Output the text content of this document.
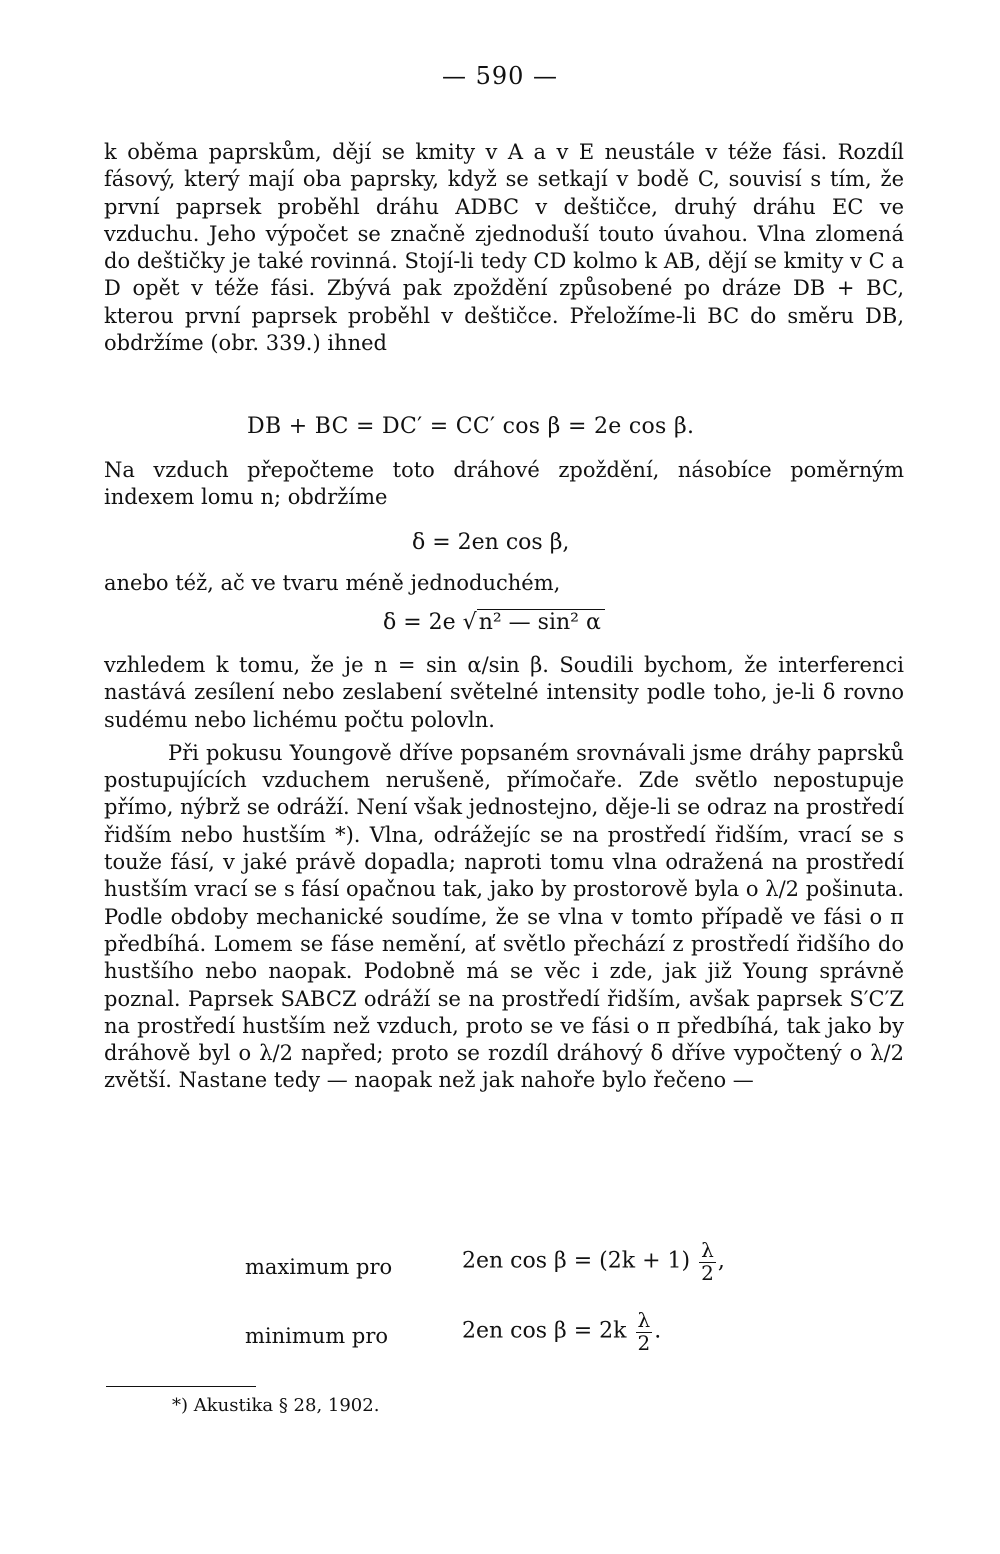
— 590 —

k oběma paprskům, dějí se kmity v A a v E neustále v téže fási. Rozdíl fásový, který mají oba paprsky, když se setkají v bodě C, souvisí s tím, že první paprsek proběhl dráhu ADBC v deštičce, druhý dráhu EC ve vzduchu. Jeho výpočet se značně zjednoduší touto úvahou. Vlna zlomená do deštičky je také rovinná. Stojí-li tedy CD kolmo k AB, dějí se kmity v C a D opět v téže fási. Zbývá pak zpoždění způsobené po dráze DB + BC, kterou první paprsek proběhl v deštičce. Přeložíme-li BC do směru DB, obdržíme (obr. 339.) ihned

DB + BC = DC′ = CC′ cos β = 2e cos β.

Na vzduch přepočteme toto dráhové zpoždění, násobíce poměrným indexem lomu n; obdržíme

δ = 2en cos β,

anebo též, ač ve tvaru méně jednoduchém,

δ = 2e √n² — sin² α

vzhledem k tomu, že je n = sin α/sin β. Soudili bychom, že interferenci nastává zesílení nebo zeslabení světelné intensity podle toho, je-li δ rovno sudému nebo lichému počtu polovln.

Při pokusu Youngově dříve popsaném srovnávali jsme dráhy paprsků postupujících vzduchem nerušeně, přímočaře. Zde světlo nepostupuje přímo, nýbrž se odráží. Není však jednostejno, děje-li se odraz na prostředí řidším nebo hustším *). Vlna, odrážejíc se na prostředí řidším, vrací se s touže fásí, v jaké právě dopadla; naproti tomu vlna odražená na prostředí hustším vrací se s fásí opačnou tak, jako by prostorově byla o λ/2 pošinuta. Podle obdoby mechanické soudíme, že se vlna v tomto případě ve fási o π předbíhá. Lomem se fáse nemění, ať světlo přechází z prostředí řidšího do hustšího nebo naopak. Podobně má se věc i zde, jak již Young správně poznal. Paprsek SABCZ odráží se na prostředí řidším, avšak paprsek S′C′Z na prostředí hustším než vzduch, proto se ve fási o π předbíhá, tak jako by dráhově byl o λ/2 napřed; proto se rozdíl dráhový δ dříve vypočtený o λ/2 zvětší. Nastane tedy — naopak než jak nahoře bylo řečeno —

maximum pro	2en $\cos \beta = (2k + 1) \frac{\lambda}{2}$ ,
minimum pro	2en $\cos \beta = 2k \frac{\lambda}{2}$ .
*) Akustika § 28, 1902.
